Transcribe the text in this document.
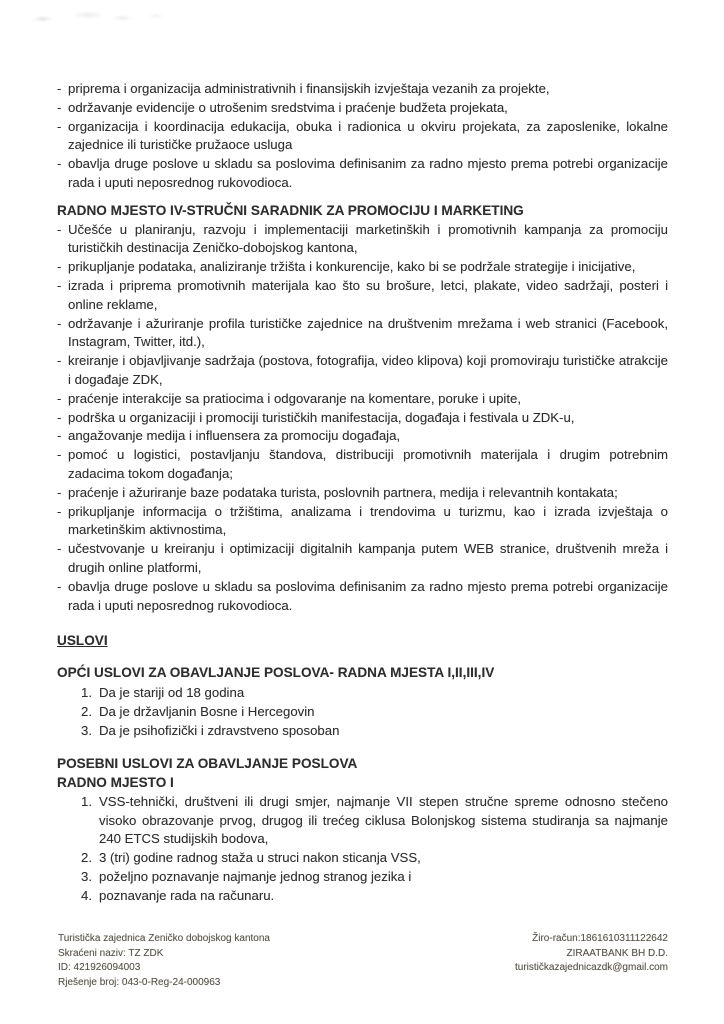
- priprema i organizacija administrativnih i finansijskih izvještaja vezanih za projekte,
- održavanje evidencije o utrošenim sredstvima i praćenje budžeta projekata,
- organizacija i koordinacija edukacija, obuka i radionica u okviru projekata, za zaposlenike, lokalne zajednice ili turističke pružaoce usluga
- obavlja druge poslove u skladu sa poslovima definisanim za radno mjesto prema potrebi organizacije rada i uputi neposrednog rukovodioca.

RADNO MJESTO IV-STRUČNI SARADNIK ZA PROMOCIJU I MARKETING

- Učešće u planiranju, razvoju i implementaciji marketinških i promotivnih kampanja za promociju turističkih destinacija Zeničko-dobojskog kantona,
- prikupljanje podataka, analiziranje tržišta i konkurencije, kako bi se podržale strategije i inicijative,
- izrada i priprema promotivnih materijala kao što su brošure, letci, plakate, video sadržaji, posteri i online reklame,
- održavanje i ažuriranje profila turističke zajednice na društvenim mrežama i web stranici (Facebook, Instagram, Twitter, itd.),
- kreiranje i objavljivanje sadržaja (postova, fotografija, video klipova) koji promoviraju turističke atrakcije i događaje ZDK,
- praćenje interakcije sa pratiocima i odgovaranje na komentare, poruke i upite,
- podrška u organizaciji i promociji turističkih manifestacija, događaja i festivala u ZDK-u,
- angažovanje medija i influensera za promociju događaja,
- pomoć u logistici, postavljanju štandova, distribuciji promotivnih materijala i drugim potrebnim zadacima tokom događanja;
- praćenje i ažuriranje baze podataka turista, poslovnih partnera, medija i relevantnih kontakata;
- prikupljanje informacija o tržištima, analizama i trendovima u turizmu, kao i izrada izvještaja o marketinškim aktivnostima,
- učestvovanje u kreiranju i optimizaciji digitalnih kampanja putem WEB stranice, društvenih mreža i drugih online platformi,
- obavlja druge poslove u skladu sa poslovima definisanim za radno mjesto prema potrebi organizacije rada i uputi neposrednog rukovodioca.

USLOVI

OPĆI USLOVI ZA OBAVLJANJE POSLOVA- RADNA MJESTA I,II,III,IV

1. Da je stariji od 18 godina
2. Da je državljanin Bosne i Hercegovin
3. Da je psihofizički i zdravstveno sposoban

POSEBNI USLOVI ZA OBAVLJANJE POSLOVA

RADNO MJESTO I

1. VSS-tehnički, društveni ili drugi smjer, najmanje VII stepen stručne spreme odnosno stečeno visoko obrazovanje prvog, drugog ili trećeg ciklusa Bolonjskog sistema studiranja sa najmanje 240 ETCS studijskih bodova,
2. 3 (tri) godine radnog staža u struci nakon sticanja VSS,
3. poželjno poznavanje najmanje jednog stranog jezika i
4. poznavanje rada na računaru.
Turistička zajednica Zeničko dobojskog kantona
Skraćeni naziv: TZ ZDK
ID: 421926094003
Rješenje broj: 043-0-Reg-24-000963
Žiro-račun:1861610311122642
ZIRAATBANK BH D.D.
turističkazajednicazdk@gmail.com
